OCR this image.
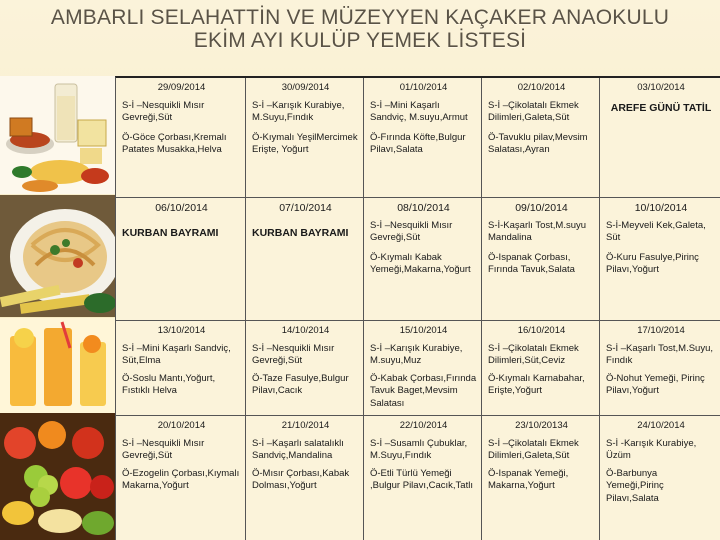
AMBARLI SELAHATTİN VE MÜZEYYEN KAÇAKER ANAOKULU
EKİM AYI KULÜP YEMEK LİSTESİ
29/09/2014
S-İ –Nesquikli Mısır Gevreği,Süt
Ö-Göce Çorbası,Kremalı Patates Musakka,Helva
30/09/2014
S-İ –Karışık Kurabiye, M.Suyu,Fındık
Ö-Kıymalı YeşilMercimek Erişte, Yoğurt
01/10/2014
S-İ –Mini Kaşarlı Sandviç, M.suyu,Armut
Ö-Fırında Köfte,Bulgur Pilavı,Salata
02/10/2014
S-İ –Çikolatalı Ekmek Dilimleri,Galeta,Süt
Ö-Tavuklu pilav,Mevsim Salatası,Ayran
03/10/2014
AREFE GÜNÜ TATİL
06/10/2014
KURBAN BAYRAMI
07/10/2014
KURBAN BAYRAMI
08/10/2014
S-İ –Nesquikli Mısır Gevreği,Süt
Ö-Kıymalı Kabak Yemeği,Makarna,Yoğurt
09/10/2014
S-İ-Kaşarlı Tost,M.suyu Mandalina
Ö-Ispanak Çorbası, Fırında Tavuk,Salata
10/10/2014
S-İ-Meyveli Kek,Galeta, Süt
Ö-Kuru Fasulye,Pirinç Pilavı,Yoğurt
13/10/2014
S-İ –Mini Kaşarlı Sandviç, Süt,Elma
Ö-Soslu Mantı,Yoğurt, Fıstıklı Helva
14/10/2014
S-İ –Nesquikli Mısır Gevreği,Süt
Ö-Taze Fasulye,Bulgur Pilavı,Cacık
15/10/2014
S-İ –Karışık Kurabiye, M.suyu,Muz
Ö-Kabak Çorbası,Fırında Tavuk Baget,Mevsim Salatası
16/10/2014
S-İ –Çikolatalı Ekmek Dilimleri,Süt,Ceviz
Ö-Kıymalı Karnabahar, Erişte,Yoğurt
17/10/2014
S-İ –Kaşarlı Tost,M.Suyu, Fındık
Ö-Nohut Yemeği, Pirinç Pilavı,Yoğurt
20/10/2014
S-İ –Nesquikli Mısır Gevreği,Süt
Ö-Ezogelin Çorbası,Kıymalı Makarna,Yoğurt
21/10/2014
S-İ –Kaşarlı salatalıklı Sandviç,Mandalina
Ö-Mısır Çorbası,Kabak Dolması,Yoğurt
22/10/2014
S-İ –Susamlı Çubuklar, M.Suyu,Fındık
Ö-Etli Türlü Yemeği ,Bulgur Pilavı,Cacık,Tatlı
23/10/20134
S-İ –Çikolatalı Ekmek Dilimleri,Galeta,Süt
Ö-Ispanak Yemeği, Makarna,Yoğurt
24/10/2014
S-İ -Karışık Kurabiye, Üzüm
Ö-Barbunya Yemeği,Pirinç Pilavı,Salata
